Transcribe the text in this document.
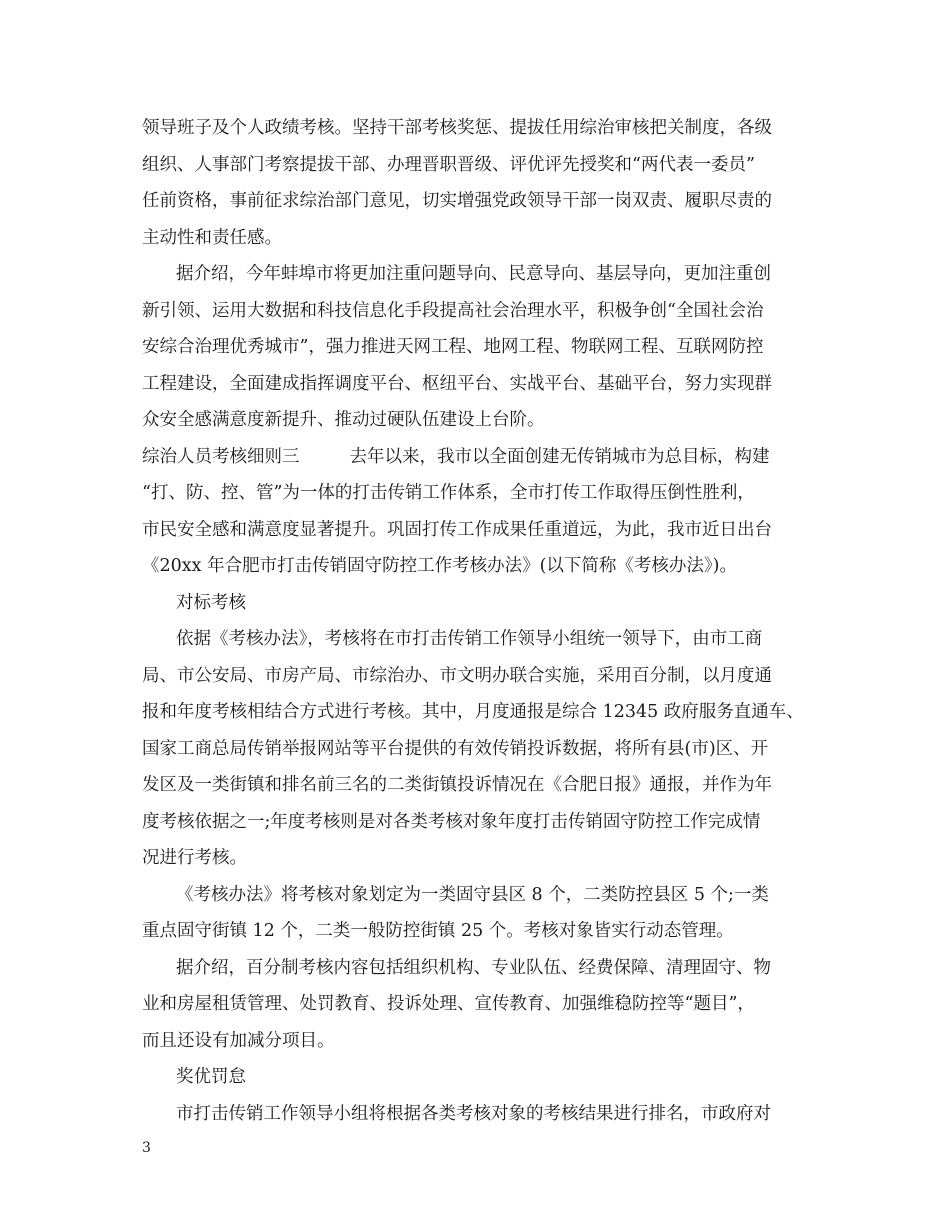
领导班子及个人政绩考核。坚持干部考核奖惩、提拔任用综治审核把关制度，各级
组织、人事部门考察提拔干部、办理晋职晋级、评优评先授奖和“两代表一委员”
任前资格，事前征求综治部门意见，切实增强党政领导干部一岗双责、履职尽责的
主动性和责任感。
据介绍，今年蚌埠市将更加注重问题导向、民意导向、基层导向，更加注重创
新引领、运用大数据和科技信息化手段提高社会治理水平，积极争创“全国社会治
安综合治理优秀城市”，强力推进天网工程、地网工程、物联网工程、互联网防控
工程建设，全面建成指挥调度平台、枢纽平台、实战平台、基础平台，努力实现群
众安全感满意度新提升、推动过硬队伍建设上台阶。
综治人员考核细则三	去年以来，我市以全面创建无传销城市为总目标，构建
“打、防、控、管”为一体的打击传销工作体系，全市打传工作取得压倒性胜利，
市民安全感和满意度显著提升。巩固打传工作成果任重道远，为此，我市近日出台
《20xx 年合肥市打击传销固守防控工作考核办法》(以下简称《考核办法》)。
对标考核
依据《考核办法》，考核将在市打击传销工作领导小组统一领导下，由市工商
局、市公安局、市房产局、市综治办、市文明办联合实施，采用百分制，以月度通
报和年度考核相结合方式进行考核。其中，月度通报是综合 12345 政府服务直通车、
国家工商总局传销举报网站等平台提供的有效传销投诉数据，将所有县(市)区、开
发区及一类街镇和排名前三名的二类街镇投诉情况在《合肥日报》通报，并作为年
度考核依据之一;年度考核则是对各类考核对象年度打击传销固守防控工作完成情
况进行考核。
《考核办法》将考核对象划定为一类固守县区 8 个，二类防控县区 5 个;一类
重点固守街镇 12 个，二类一般防控街镇 25 个。考核对象皆实行动态管理。
据介绍，百分制考核内容包括组织机构、专业队伍、经费保障、清理固守、物
业和房屋租赁管理、处罚教育、投诉处理、宣传教育、加强维稳防控等“题目”，
而且还设有加减分项目。
奖优罚怠
市打击传销工作领导小组将根据各类考核对象的考核结果进行排名，市政府对
3
